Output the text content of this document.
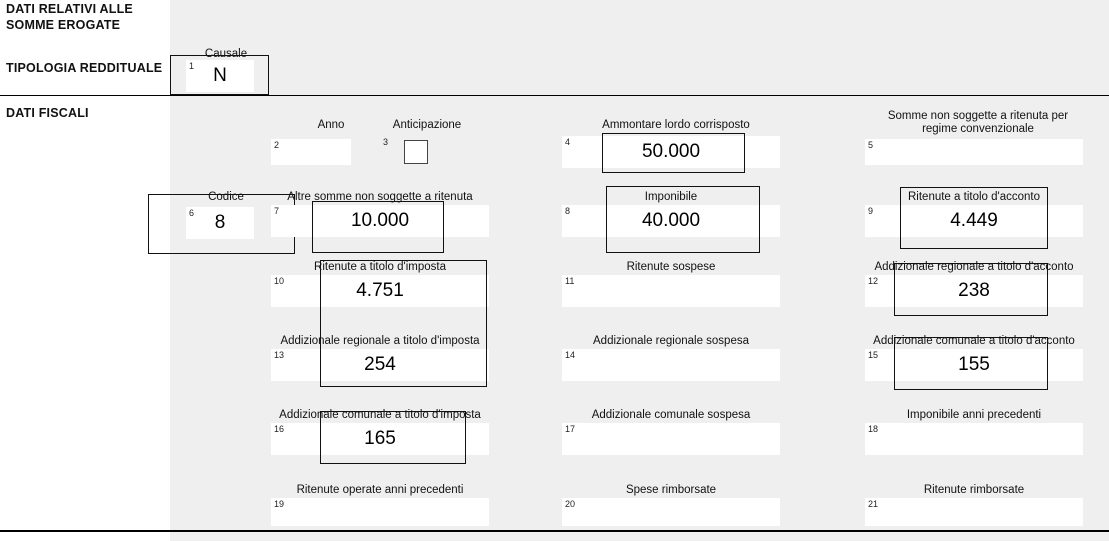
DATI RELATIVI ALLE SOMME EROGATE
TIPOLOGIA REDDITUALE
DATI FISCALI
Causale
1	N
Anno
2
Anticipazione
3
Ammontare lordo corrisposto
4	50.000
Somme non soggette a ritenuta per regime convenzionale
5
Codice
6	8
Altre somme non soggette a ritenuta
7	10.000
Imponibile
8	40.000
Ritenute a titolo d'acconto
9	4.449
Ritenute a titolo d'imposta
10	4.751
Ritenute sospese
11
Addizionale regionale a titolo d'acconto
12	238
Addizionale regionale a titolo d'imposta
13	254
Addizionale regionale sospesa
14
Addizionale comunale a titolo d'acconto
15	155
Addizionale comunale a titolo d'imposta
16	165
Addizionale comunale sospesa
17
Imponibile anni precedenti
18
Ritenute operate anni precedenti
19
Spese rimborsate
20
Ritenute rimborsate
21
